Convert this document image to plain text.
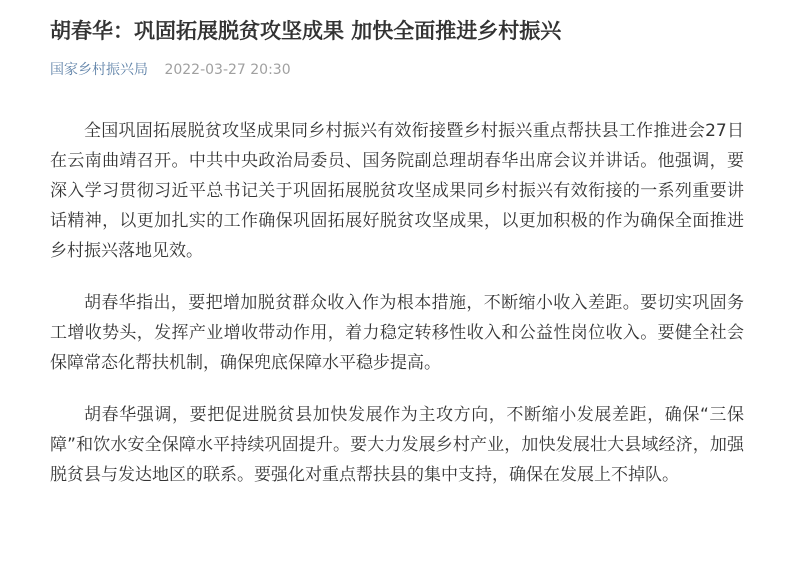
胡春华：巩固拓展脱贫攻坚成果 加快全面推进乡村振兴
国家乡村振兴局 2022-03-27 20:30

全国巩固拓展脱贫攻坚成果同乡村振兴有效衔接暨乡村振兴重点帮扶县工作推进会27日在云南曲靖召开。中共中央政治局委员、国务院副总理胡春华出席会议并讲话。他强调，要深入学习贯彻习近平总书记关于巩固拓展脱贫攻坚成果同乡村振兴有效衔接的一系列重要讲话精神，以更加扎实的工作确保巩固拓展好脱贫攻坚成果，以更加积极的作为确保全面推进乡村振兴落地见效。

胡春华指出，要把增加脱贫群众收入作为根本措施，不断缩小收入差距。要切实巩固务工增收势头，发挥产业增收带动作用，着力稳定转移性收入和公益性岗位收入。要健全社会保障常态化帮扶机制，确保兜底保障水平稳步提高。

胡春华强调，要把促进脱贫县加快发展作为主攻方向，不断缩小发展差距，确保“三保障”和饮水安全保障水平持续巩固提升。要大力发展乡村产业，加快发展壮大县域经济，加强脱贫县与发达地区的联系。要强化对重点帮扶县的集中支持，确保在发展上不掉队。
